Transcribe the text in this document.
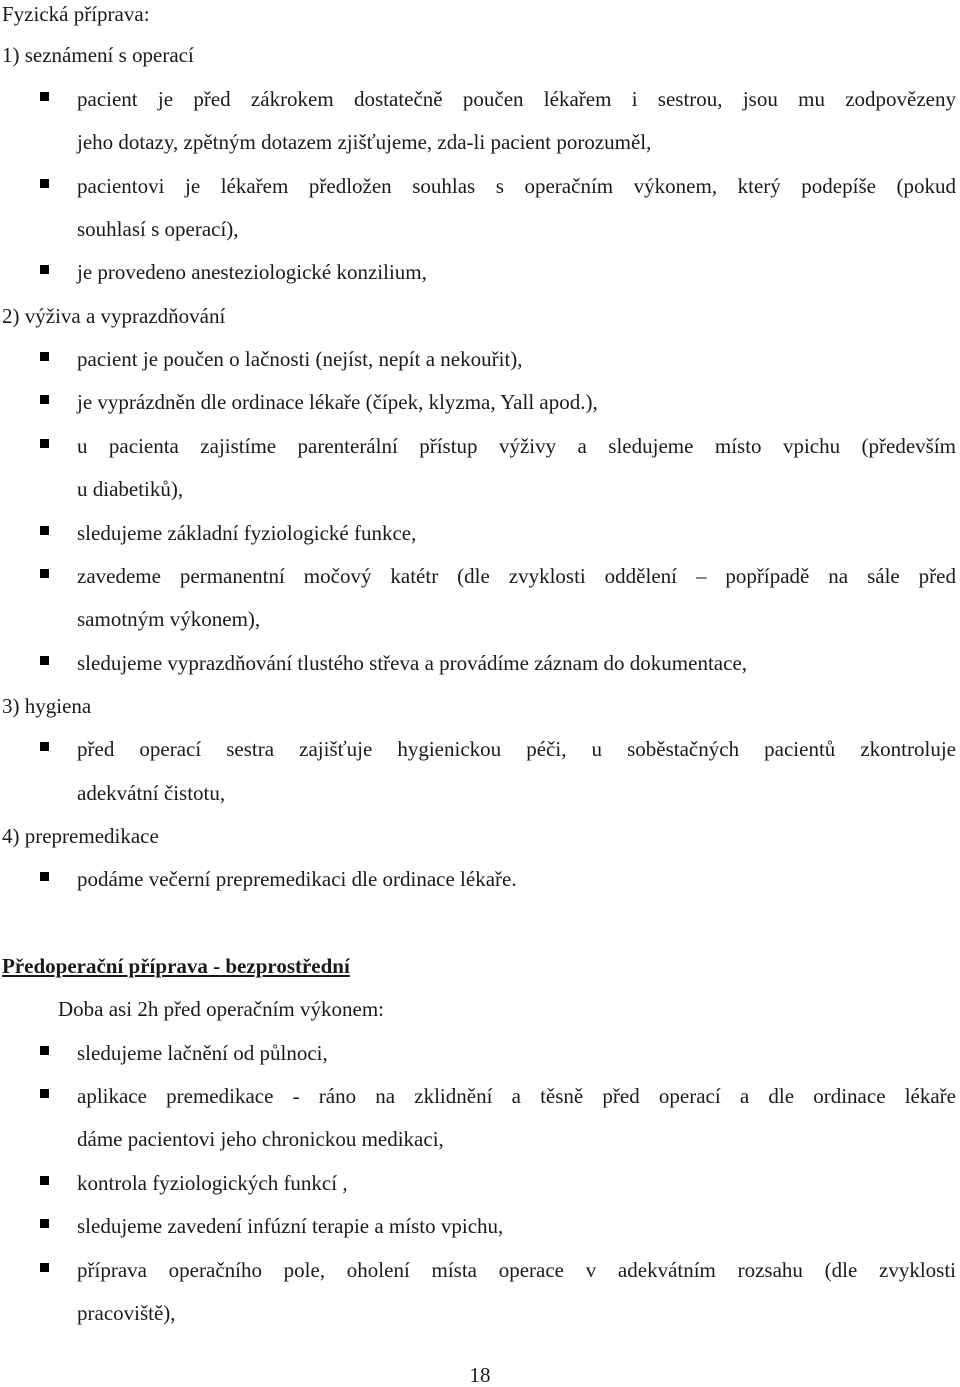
Fyzická příprava:
1) seznámení s operací
pacient je před zákrokem dostatečně poučen lékařem i sestrou, jsou mu zodpovězeny
jeho dotazy, zpětným dotazem zjišťujeme, zda-li pacient porozuměl,
pacientovi je lékařem předložen souhlas s operačním výkonem, který podepíše (pokud
souhlasí s operací),
je provedeno anesteziologické konzilium,
2) výživa a vyprazdňování
pacient je poučen o lačnosti (nejíst, nepít a nekouřit),
je vyprázdněn dle ordinace lékaře (čípek, klyzma, Yall apod.),
u pacienta zajistíme parenterální přístup výživy a sledujeme místo vpichu (především
u diabetiků),
sledujeme základní fyziologické funkce,
zavedeme permanentní močový katétr (dle zvyklosti oddělení – popřípadě na sále před
samotným výkonem),
sledujeme vyprazdňování tlustého střeva a provádíme záznam do dokumentace,
3) hygiena
před operací sestra zajišťuje hygienickou péči, u soběstačných pacientů zkontroluje
adekvátní čistotu,
4) prepremedikace
podáme večerní prepremedikaci dle ordinace lékaře.
Předoperační příprava - bezprostřední
Doba asi 2h před operačním výkonem:
sledujeme lačnění od půlnoci,
aplikace premedikace - ráno na zklidnění a těsně před operací a dle ordinace lékaře
dáme pacientovi jeho chronickou medikaci,
kontrola fyziologických funkcí ,
sledujeme zavedení infúzní terapie a místo vpichu,
příprava operačního pole, oholení místa operace v adekvátním rozsahu (dle zvyklosti
pracoviště),
18
